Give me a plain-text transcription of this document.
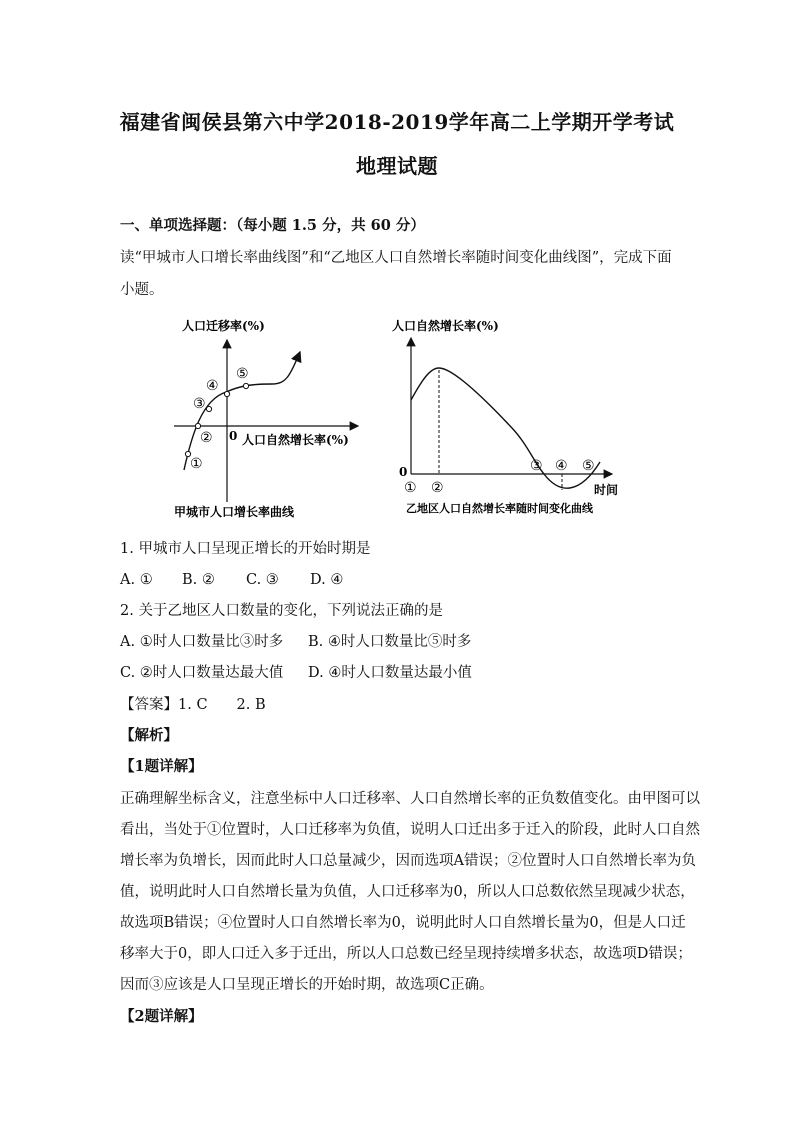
福建省闽侯县第六中学2018-2019学年高二上学期开学考试
地理试题
一、单项选择题：（每小题 1.5 分，共 60 分）
读“甲城市人口增长率曲线图”和“乙地区人口自然增长率随时间变化曲线图”，完成下面
小题。
人口迁移率(%)
0 人口自然增长率(%)
①
②
③
④
⑤
甲城市人口增长率曲线
人口自然增长率(%)
0
① ②
③ ④ ⑤
时间
乙地区人口自然增长率随时间变化曲线
1. 甲城市人口呈现正增长的开始时期是
A. ① B. ② C. ③ D. ④
2. 关于乙地区人口数量的变化，下列说法正确的是
A. ①时人口数量比③时多 B. ④时人口数量比⑤时多
C. ②时人口数量达最大值 D. ④时人口数量达最小值
【答案】1. C　　2. B
【解析】
【1题详解】
正确理解坐标含义，注意坐标中人口迁移率、人口自然增长率的正负数值变化。由甲图可以
看出，当处于①位置时，人口迁移率为负值，说明人口迁出多于迁入的阶段，此时人口自然
增长率为负增长，因而此时人口总量减少，因而选项A错误；②位置时人口自然增长率为负
值，说明此时人口自然增长量为负值，人口迁移率为0，所以人口总数依然呈现减少状态，
故选项B错误；④位置时人口自然增长率为0，说明此时人口自然增长量为0，但是人口迁
移率大于0，即人口迁入多于迁出，所以人口总数已经呈现持续增多状态，故选项D错误；
因而③应该是人口呈现正增长的开始时期，故选项C正确。
【2题详解】
